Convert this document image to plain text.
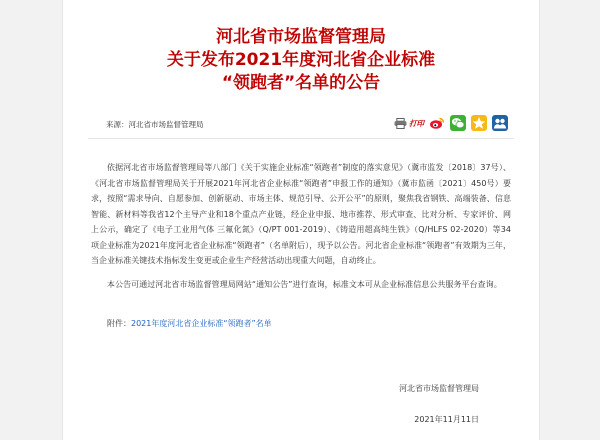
河北省市场监督管理局
关于发布2021年度河北省企业标准
“领跑者”名单的公告
来源：河北省市场监督管理局	打印

依据河北省市场监督管理局等八部门《关于实施企业标准“领跑者”制度的落实意见》（冀市监发〔2018〕37号）、《河北省市场监督管理局关于开展2021年河北省企业标准“领跑者”申报工作的通知》（冀市监函〔2021〕450号）要求，按照“需求导向、自愿参加、创新驱动、市场主体、规范引导、公开公平”的原则，聚焦我省钢铁、高端装备、信息智能、新材料等我省12个主导产业和18个重点产业链，经企业申报、地市推荐、形式审查、比对分析、专家评价、网上公示，确定了《电子工业用气体 三氟化氮》（Q/PT 001-2019）、《铸造用超高纯生铁》（Q/HLFS 02-2020）等34项企业标准为2021年度河北省企业标准“领跑者”（名单附后），现予以公告。河北省企业标准“领跑者”有效期为三年，当企业标准关键技术指标发生变更或企业生产经营活动出现重大问题，自动终止。

本公告可通过河北省市场监督管理局网站“通知公告”进行查询，标准文本可从企业标准信息公共服务平台查询。

附件：2021年度河北省企业标准“领跑者”名单
河北省市场监督管理局
2021年11月11日
